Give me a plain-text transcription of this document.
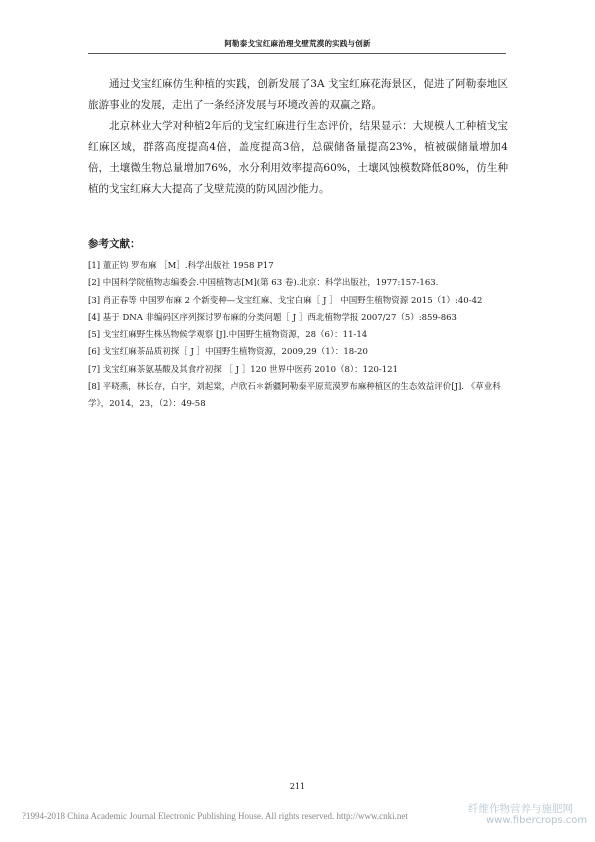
阿勒泰戈宝红麻治理戈壁荒漠的实践与创新

通过戈宝红麻仿生种植的实践，创新发展了3A 戈宝红麻花海景区，促进了阿勒泰地区旅游事业的发展，走出了一条经济发展与环境改善的双赢之路。

北京林业大学对种植2年后的戈宝红麻进行生态评价，结果显示：大规模人工种植戈宝红麻区域，群落高度提高4倍，盖度提高3倍，总碳储备量提高23%，植被碳储量增加4倍，土壤微生物总量增加76%，水分利用效率提高60%，土壤风蚀模数降低80%，仿生种植的戈宝红麻大大提高了戈壁荒漠的防风固沙能力。

参考文献：
[1] 董正钧 罗布麻 ［M］.科学出版社 1958 P17
[2] 中国科学院植物志编委会.中国植物志[M](第 63 卷).北京：科学出版社，1977:157-163.
[3] 肖正春等 中国罗布麻 2 个新变种—戈宝红麻、戈宝白麻［ J ］ 中国野生植物资源 2015（1）:40-42
[4] 基于 DNA 非编码区序列探讨罗布麻的分类问题［ J ］西北植物学报 2007/27（5）:859-863
[5] 戈宝红麻野生株丛物候学观察 [J].中国野生植物资源，28（6）：11-14
[6] 戈宝红麻茶品质初探［ J ］中国野生植物资源，2009,29（1）：18-20
[7] 戈宝红麻茶氨基酸及其食疗初探 ［ J ］120 世界中医药 2010（8）：120-121
[8] 平晓燕，林长存，白宇，刘起棠，卢欣石＊新疆阿勒泰平原荒漠罗布麻种植区的生态效益评价[J]. 《草业科学》，2014，23，（2）：49-58
211
?1994-2018 China Academic Journal Electronic Publishing House. All rights reserved. http://www.cnki.net
纤维作物营养与施肥网
www.fibercrops.com
